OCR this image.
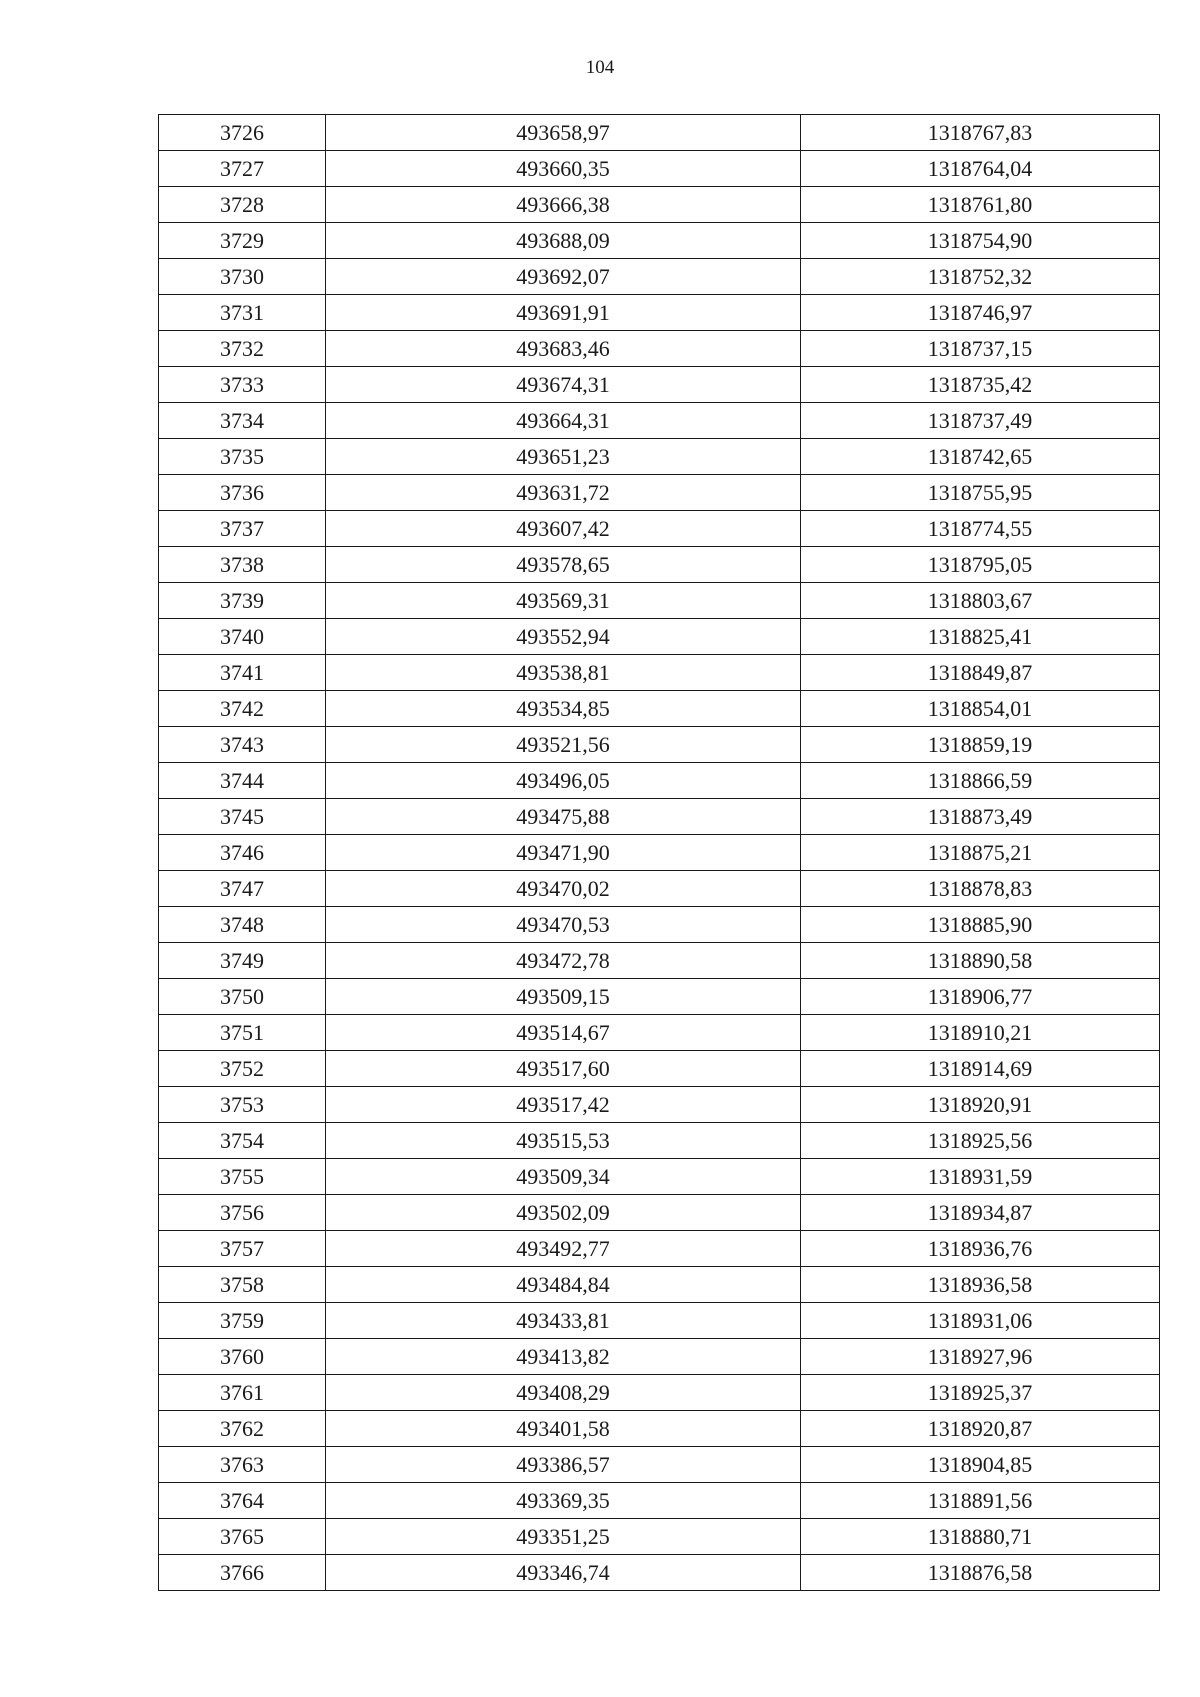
104
3726	493658,97	1318767,83
3727	493660,35	1318764,04
3728	493666,38	1318761,80
3729	493688,09	1318754,90
3730	493692,07	1318752,32
3731	493691,91	1318746,97
3732	493683,46	1318737,15
3733	493674,31	1318735,42
3734	493664,31	1318737,49
3735	493651,23	1318742,65
3736	493631,72	1318755,95
3737	493607,42	1318774,55
3738	493578,65	1318795,05
3739	493569,31	1318803,67
3740	493552,94	1318825,41
3741	493538,81	1318849,87
3742	493534,85	1318854,01
3743	493521,56	1318859,19
3744	493496,05	1318866,59
3745	493475,88	1318873,49
3746	493471,90	1318875,21
3747	493470,02	1318878,83
3748	493470,53	1318885,90
3749	493472,78	1318890,58
3750	493509,15	1318906,77
3751	493514,67	1318910,21
3752	493517,60	1318914,69
3753	493517,42	1318920,91
3754	493515,53	1318925,56
3755	493509,34	1318931,59
3756	493502,09	1318934,87
3757	493492,77	1318936,76
3758	493484,84	1318936,58
3759	493433,81	1318931,06
3760	493413,82	1318927,96
3761	493408,29	1318925,37
3762	493401,58	1318920,87
3763	493386,57	1318904,85
3764	493369,35	1318891,56
3765	493351,25	1318880,71
3766	493346,74	1318876,58
